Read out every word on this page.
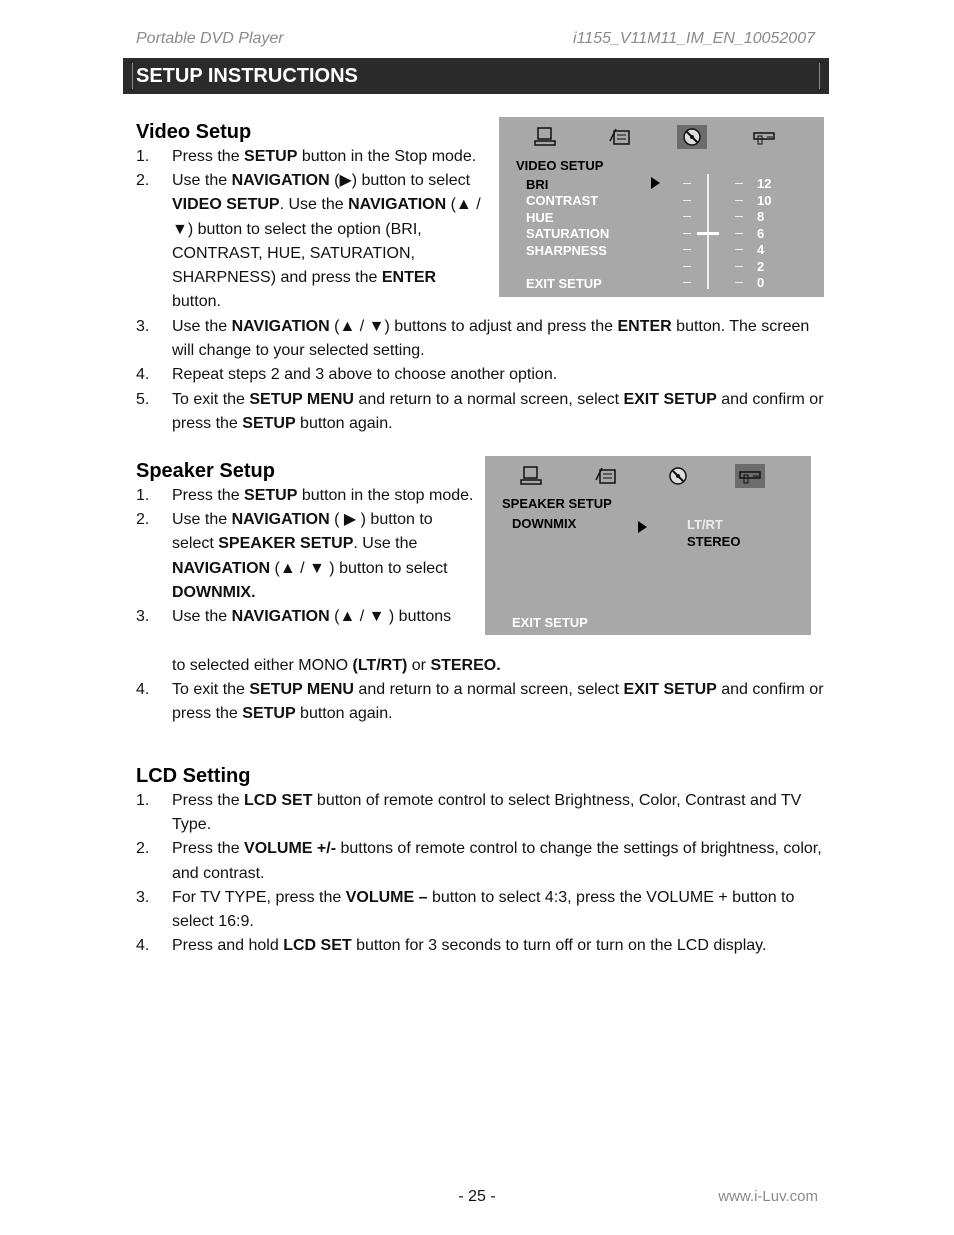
Portable DVD Player	i1155_V11M11_IM_EN_10052007
SETUP INSTRUCTIONS
Video Setup
1. Press the SETUP button in the Stop mode.
2. Use the NAVIGATION (▶) button to select VIDEO SETUP. Use the NAVIGATION (▲ / ▼) button to select the option (BRI, CONTRAST, HUE, SATURATION, SHARPNESS) and press the ENTER button.
3. Use the NAVIGATION (▲ / ▼) buttons to adjust and press the ENTER button. The screen will change to your selected setting.
4. Repeat steps 2 and 3 above to choose another option.
5. To exit the SETUP MENU and return to a normal screen, select EXIT SETUP and confirm or press the SETUP button again.
VIDEO SETUP
BRI
CONTRAST
HUE
SATURATION
SHARPNESS
EXIT SETUP
12
10
8
6
4
2
0
Speaker Setup
1. Press the SETUP button in the stop mode.
2. Use the NAVIGATION ( ▶ ) button to select SPEAKER SETUP. Use the NAVIGATION (▲ / ▼ ) button to select DOWNMIX.
3. Use the NAVIGATION (▲ / ▼ ) buttons
to selected either MONO (LT/RT) or STEREO.
4. To exit the SETUP MENU and return to a normal screen, select EXIT SETUP and confirm or press the SETUP button again.
SPEAKER SETUP
DOWNMIX	LT/RT
STEREO
EXIT SETUP
LCD Setting
1. Press the LCD SET button of remote control to select Brightness, Color, Contrast and TV Type.
2. Press the VOLUME +/- buttons of remote control to change the settings of brightness, color, and contrast.
3. For TV TYPE, press the VOLUME – button to select 4:3, press the VOLUME + button to select 16:9.
4. Press and hold LCD SET button for 3 seconds to turn off or turn on the LCD display.
- 25 -	www.i-Luv.com
